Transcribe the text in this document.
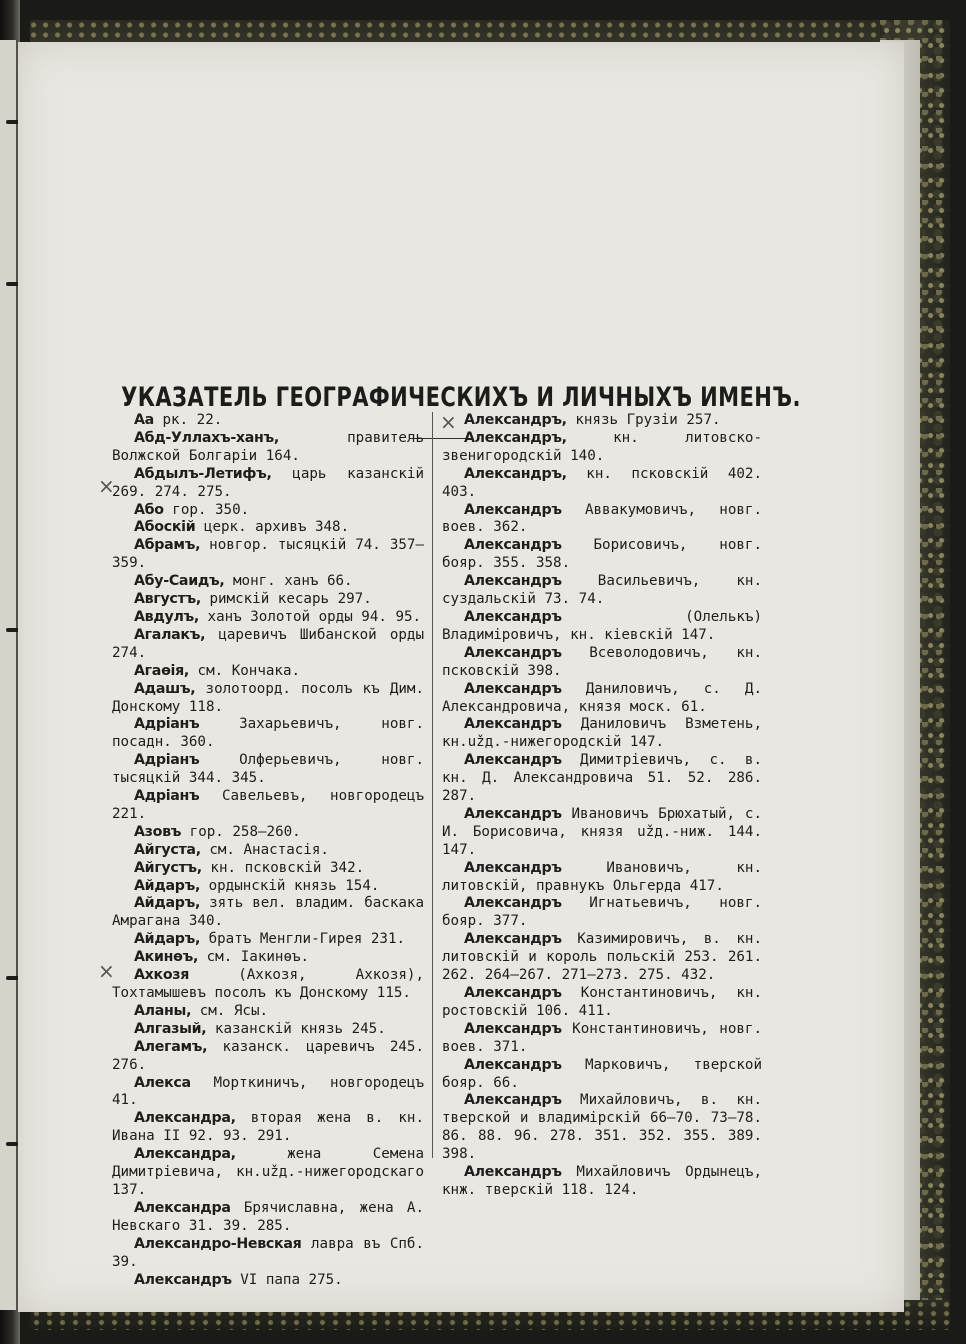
УКАЗАТЕЛЬ ГЕОГРАФИЧЕСКИХЪ И ЛИЧНЫХЪ ИМЕНЪ.
×
×
×

Аа рк. 22.

Абд-Уллахъ-ханъ, правитель Волжской Болгаріи 164.

Абдылъ-Летифъ, царь казанскій 269. 274. 275.

Або гор. 350.

Абоскій церк. архивъ 348.

Абрамъ, новгор. тысяцкій 74. 357—359.

Абу-Саидъ, монг. ханъ 66.

Августъ, римскій кесарь 297.

Авдулъ, ханъ Золотой орды 94. 95.

Агалакъ, царевичъ Шибанской орды 274.

Агаѳія, см. Кончака.

Адашъ, золотоорд. посолъ къ Дим. Донскому 118.

Адріанъ Захарьевичъ, новг. посадн. 360.

Адріанъ Олферьевичъ, новг. тысяцкій 344. 345.

Адріанъ Савельевъ, новгородецъ 221.

Азовъ гор. 258—260.

Айгуста, см. Анастасія.

Айгустъ, кн. псковскій 342.

Айдаръ, ордынскій князь 154.

Айдаръ, зять вел. владим. баскака Амрагана 340.

Айдаръ, братъ Менгли-Гирея 231.

Акинѳъ, см. Іакинѳъ.

Ахкозя (Ахкозя, Ахкозя), Тохтамышевъ посолъ къ Донскому 115.

Аланы, см. Ясы.

Алгазый, казанскій князь 245.

Алегамъ, казанск. царевичъ 245. 276.

Алекса Морткиничъ, новгородецъ 41.

Александра, вторая жена в. кн. Ивана II 92. 93. 291.

Александра, жена Семена Димитріевича, кн.užд.-нижегородскаго 137.

Александра Брячиславна, жена А. Невскаго 31. 39. 285.

Александро-Невская лавра въ Спб. 39.

Александръ VI папа 275.

Александръ, князь Грузіи 257.

Александръ, кн. литовско-звенигородскій 140.

Александръ, кн. псковскій 402. 403.

Александръ Аввакумовичъ, новг. воев. 362.

Александръ Борисовичъ, новг. бояр. 355. 358.

Александръ Васильевичъ, кн. суздальскій 73. 74.

Александръ (Олелькъ) Владиміровичъ, кн. кіевскій 147.

Александръ Всеволодовичъ, кн. псковскій 398.

Александръ Даниловичъ, с. Д. Александровича, князя моск. 61.

Александръ Даниловичъ Взметень, кн.užд.-нижегородскій 147.

Александръ Димитріевичъ, с. в. кн. Д. Александровича 51. 52. 286. 287.

Александръ Ивановичъ Брюхатый, с. И. Борисовича, князя užд.-ниж. 144. 147.

Александръ Ивановичъ, кн. литовскій, правнукъ Ольгерда 417.

Александръ Игнатьевичъ, новг. бояр. 377.

Александръ Казимировичъ, в. кн. литовскій и король польскій 253. 261. 262. 264—267. 271—273. 275. 432.

Александръ Константиновичъ, кн. ростовскій 106. 411.

Александръ Константиновичъ, новг. воев. 371.

Александръ Марковичъ, тверской бояр. 66.

Александръ Михайловичъ, в. кн. тверской и владимірскій 66—70. 73—78. 86. 88. 96. 278. 351. 352. 355. 389. 398.

Александръ Михайловичъ Ордынецъ, кнж. тверскій 118. 124.
